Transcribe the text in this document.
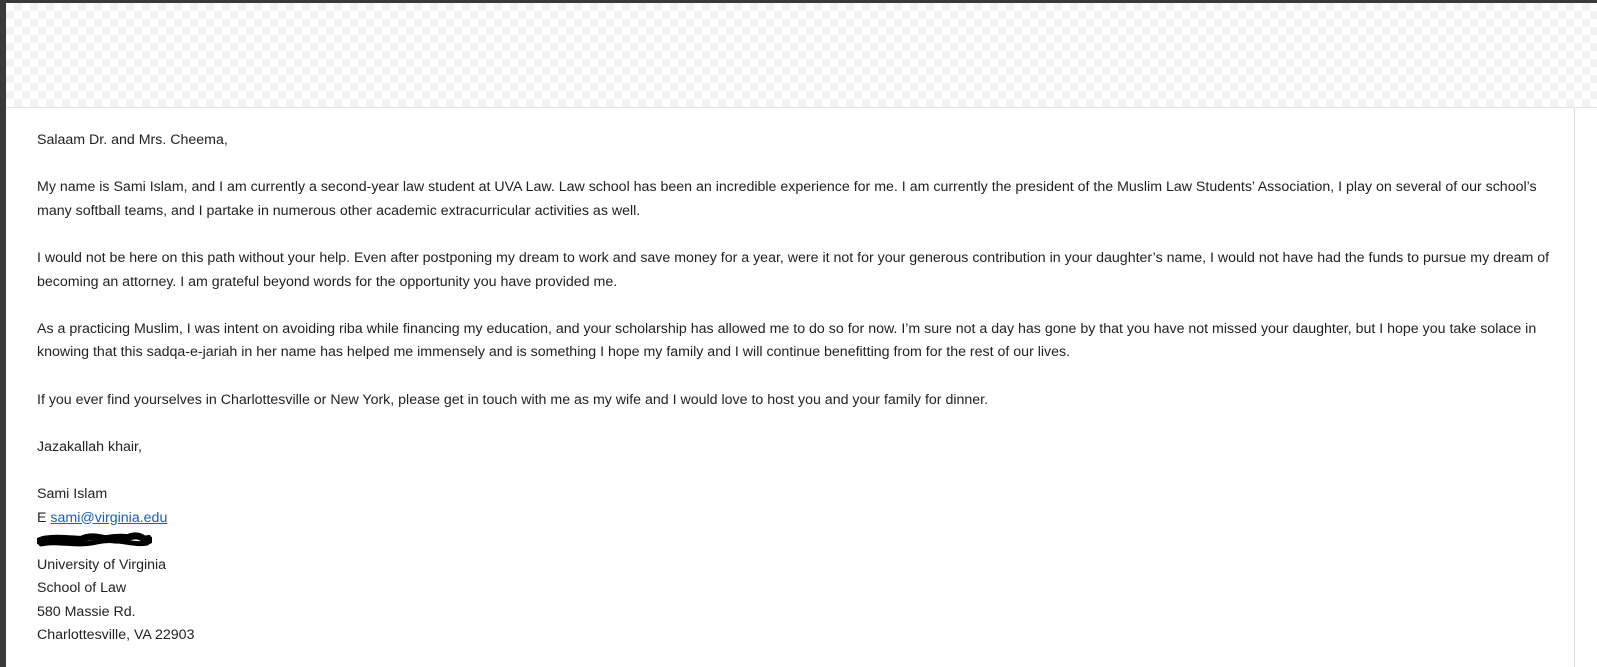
Salaam Dr. and Mrs. Cheema,

My name is Sami Islam, and I am currently a second-year law student at UVA Law. Law school has been an incredible experience for me. I am currently the president of the Muslim Law Students’ Association, I play on several of our school’s many softball teams, and I partake in numerous other academic extracurricular activities as well.

I would not be here on this path without your help. Even after postponing my dream to work and save money for a year, were it not for your generous contribution in your daughter’s name, I would not have had the funds to pursue my dream of becoming an attorney. I am grateful beyond words for the opportunity you have provided me.

As a practicing Muslim, I was intent on avoiding riba while financing my education, and your scholarship has allowed me to do so for now. I’m sure not a day has gone by that you have not missed your daughter, but I hope you take solace in knowing that this sadqa-e-jariah in her name has helped me immensely and is something I hope my family and I will continue benefitting from for the rest of our lives.

If you ever find yourselves in Charlottesville or New York, please get in touch with me as my wife and I would love to host you and your family for dinner.

Jazakallah khair,

Sami Islam
E sami@virginia.edu
University of Virginia
School of Law
580 Massie Rd.
Charlottesville, VA 22903
